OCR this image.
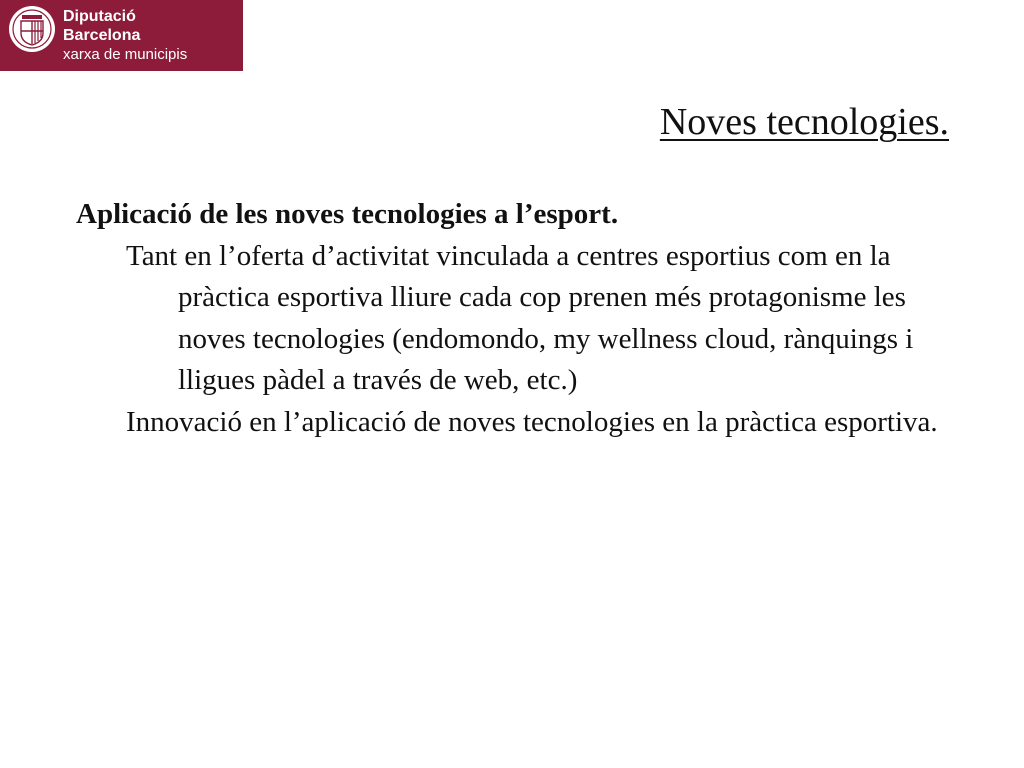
Diputació
Barcelona
xarxa de municipis
Noves tecnologies.

Aplicació de les noves tecnologies a l’esport.

Tant en l’oferta d’activitat vinculada a centres esportius com en la pràctica esportiva lliure cada cop prenen més protagonisme les noves tecnologies (endomondo, my wellness cloud, rànquings i lligues pàdel a través de web, etc.)

Innovació en l’aplicació de noves tecnologies en la pràctica esportiva.
